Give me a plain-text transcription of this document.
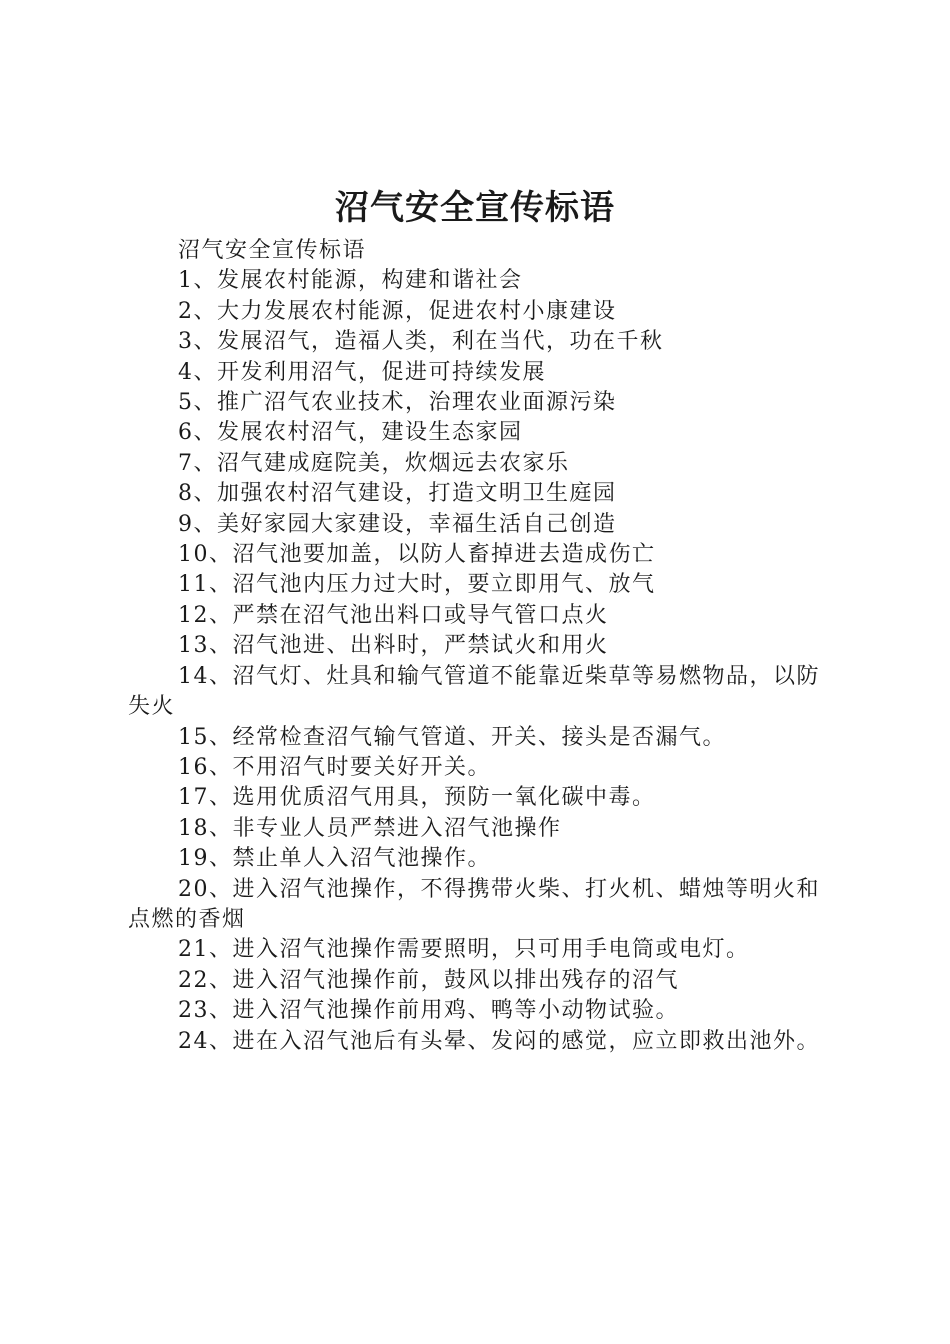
沼气安全宣传标语

沼气安全宣传标语

1、发展农村能源，构建和谐社会

2、大力发展农村能源，促进农村小康建设

3、发展沼气，造福人类，利在当代，功在千秋

4、开发利用沼气，促进可持续发展

5、推广沼气农业技术，治理农业面源污染

6、发展农村沼气，建设生态家园

7、沼气建成庭院美，炊烟远去农家乐

8、加强农村沼气建设，打造文明卫生庭园

9、美好家园大家建设，幸福生活自己创造

10、沼气池要加盖，以防人畜掉进去造成伤亡

11、沼气池内压力过大时，要立即用气、放气

12、严禁在沼气池出料口或导气管口点火

13、沼气池进、出料时，严禁试火和用火

14、沼气灯、灶具和输气管道不能靠近柴草等易燃物品，以防失火

15、经常检查沼气输气管道、开关、接头是否漏气。

16、不用沼气时要关好开关。

17、选用优质沼气用具，预防一氧化碳中毒。

18、非专业人员严禁进入沼气池操作

19、禁止单人入沼气池操作。

20、进入沼气池操作，不得携带火柴、打火机、蜡烛等明火和点燃的香烟

21、进入沼气池操作需要照明，只可用手电筒或电灯。

22、进入沼气池操作前，鼓风以排出残存的沼气

23、进入沼气池操作前用鸡、鸭等小动物试验。

24、进在入沼气池后有头晕、发闷的感觉，应立即救出池外。
